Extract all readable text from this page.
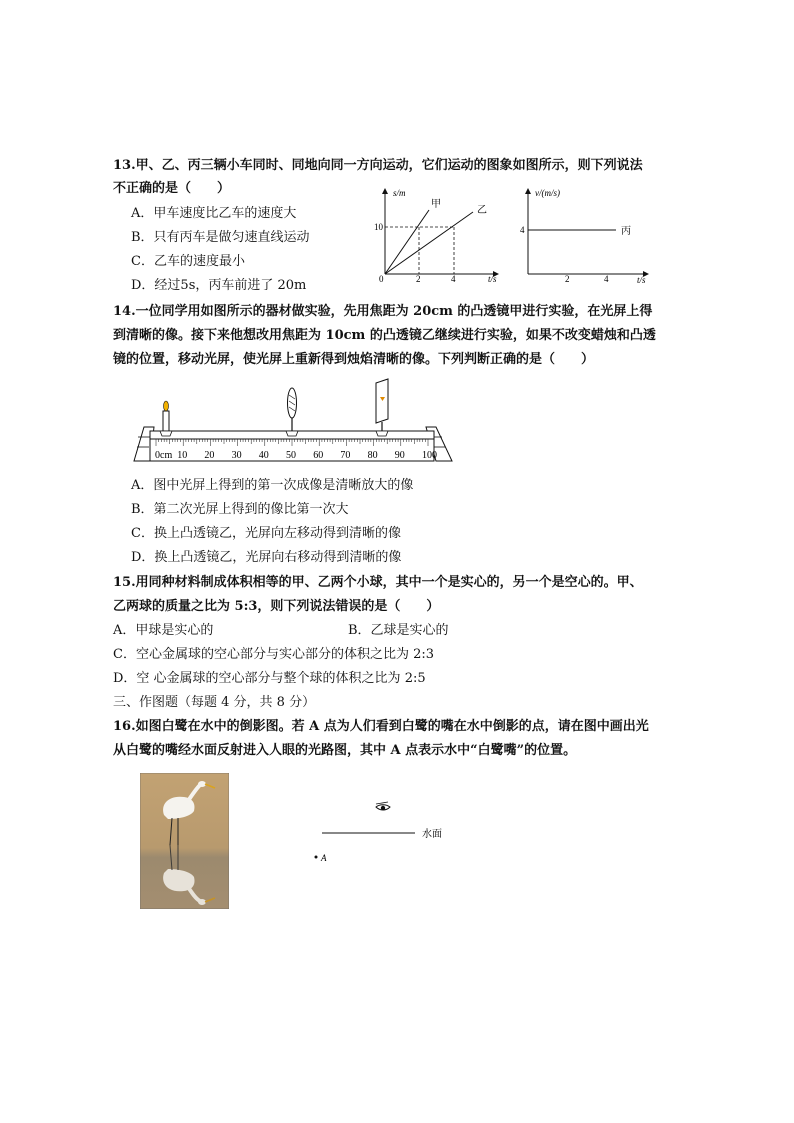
13.甲、乙、丙三辆小车同时、同地向同一方向运动，它们运动的图象如图所示，则下列说法
不正确的是（　　）
A．甲车速度比乙车的速度大
B．只有丙车是做匀速直线运动
C．乙车的速度最小
D．经过5s，丙车前进了 20m
s/m
t/s
0
10
2	4
甲
乙
v/(m/s)
t/s
4
2	4
丙
14.一位同学用如图所示的器材做实验，先用焦距为 20cm 的凸透镜甲进行实验，在光屏上得
到清晰的像。接下来他想改用焦距为 10cm 的凸透镜乙继续进行实验，如果不改变蜡烛和凸透
镜的位置，移动光屏，使光屏上重新得到烛焰清晰的像。下列判断正确的是（　　）
0cm 10 20 30 40 50 60 70 80 90 100
A．图中光屏上得到的第一次成像是清晰放大的像
B．第二次光屏上得到的像比第一次大
C．换上凸透镜乙，光屏向左移动得到清晰的像
D．换上凸透镜乙，光屏向右移动得到清晰的像
15.用同种材料制成体积相等的甲、乙两个小球，其中一个是实心的，另一个是空心的。甲、
乙两球的质量之比为 5:3，则下列说法错误的是（　　）
A．甲球是实心的	B．乙球是实心的
C．空心金属球的空心部分与实心部分的体积之比为 2:3
D．空 心金属球的空心部分与整个球的体积之比为 2:5
三、作图题（每题 4 分，共 8 分）
16.如图白鹭在水中的倒影图。若 A 点为人们看到白鹭的嘴在水中倒影的点，请在图中画出光
从白鹭的嘴经水面反射进入人眼的光路图，其中 A 点表示水中“白鹭嘴”的位置。
水面
A
